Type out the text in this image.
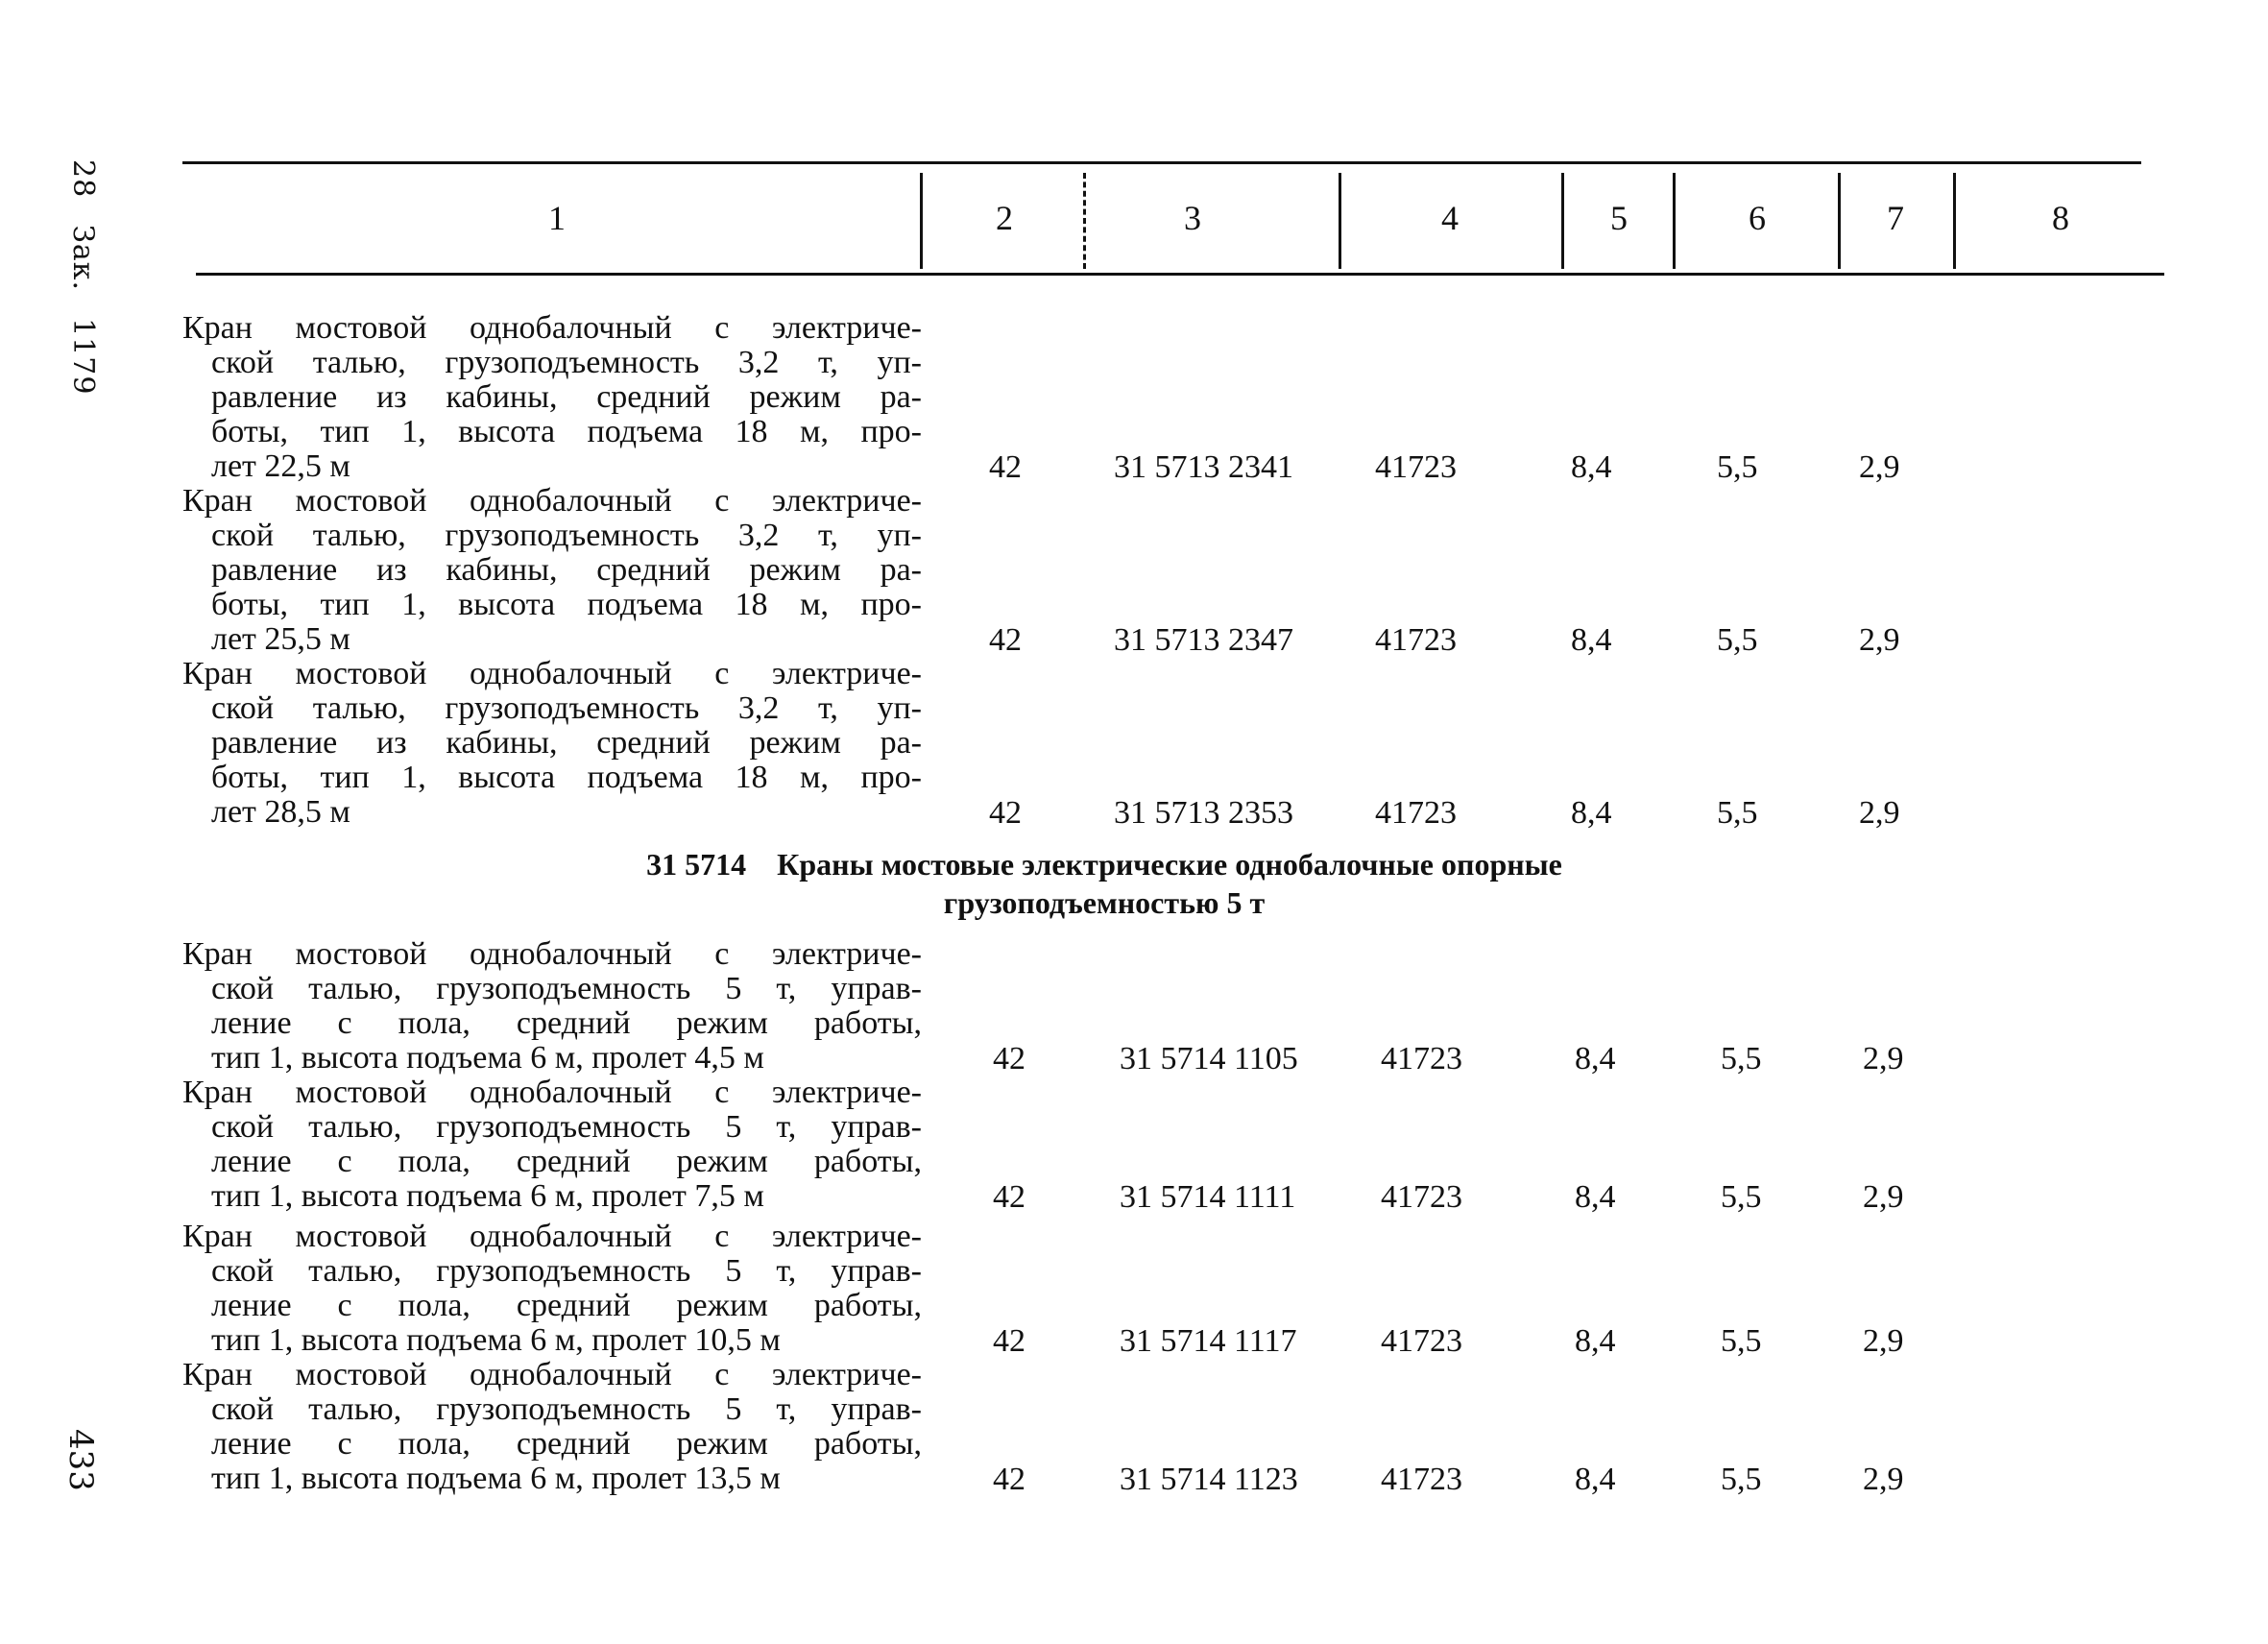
28Зак.1179
433
1	2	3	4	5	6	7	8
Кран мостовой однобалочный с электриче-
ской талью, грузоподъемность 3,2 т, уп-
равление из кабины, средний режим ра-
боты, тип 1, высота подъема 18 м, про-
лет 22,5 м	42	31 5713 2341	41723	8,4	5,5	2,9
Кран мостовой однобалочный с электриче-
ской талью, грузоподъемность 3,2 т, уп-
равление из кабины, средний режим ра-
боты, тип 1, высота подъема 18 м, про-
лет 25,5 м	42	31 5713 2347	41723	8,4	5,5	2,9
Кран мостовой однобалочный с электриче-
ской талью, грузоподъемность 3,2 т, уп-
равление из кабины, средний режим ра-
боты, тип 1, высота подъема 18 м, про-
лет 28,5 м	42	31 5713 2353	41723	8,4	5,5	2,9
31 5714 Краны мостовые электрические однобалочные опорные
грузоподъемностью 5 т
Кран мостовой однобалочный с электриче-
ской талью, грузоподъемность 5 т, управ-
ление с пола, средний режим работы,
тип 1, высота подъема 6 м, пролет 4,5 м	42	31 5714 1105	41723	8,4	5,5	2,9
Кран мостовой однобалочный с электриче-
ской талью, грузоподъемность 5 т, управ-
ление с пола, средний режим работы,
тип 1, высота подъема 6 м, пролет 7,5 м	42	31 5714 1111	41723	8,4	5,5	2,9
Кран мостовой однобалочный с электриче-
ской талью, грузоподъемность 5 т, управ-
ление с пола, средний режим работы,
тип 1, высота подъема 6 м, пролет 10,5 м	42	31 5714 1117	41723	8,4	5,5	2,9
Кран мостовой однобалочный с электриче-
ской талью, грузоподъемность 5 т, управ-
ление с пола, средний режим работы,
тип 1, высота подъема 6 м, пролет 13,5 м	42	31 5714 1123	41723	8,4	5,5	2,9
